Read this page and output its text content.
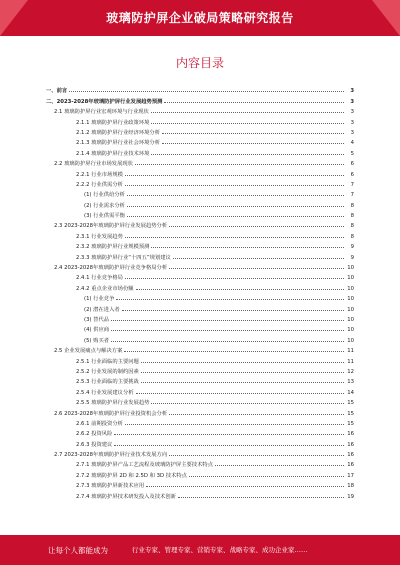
玻璃防护屏企业破局策略研究报告
内容目录
一、前言	3
二、2023-2028年玻璃防护屏行业发展趋势预测	3
2.1 玻璃防护屏行业宏观环境与行业现状	3
2.1.1 玻璃防护屏行业政策环境	3
2.1.2 玻璃防护屏行业经济环境分析	3
2.1.3 玻璃防护屏行业社会环境分析	4
2.1.4 玻璃防护屏行业技术环境	5
2.2 玻璃防护屏行业市场发展现状	6
2.2.1 行业市场规模	6
2.2.2 行业供需分析	7
(1) 行业供给分析	7
(2) 行业需求分析	8
(3) 行业供需平衡	8
2.3 2023-2028年玻璃防护屏行业发展趋势分析	8
2.3.1 行业发展趋势	8
2.3.2 玻璃防护屏行业规模预测	9
2.3.3 玻璃防护屏行业“十四五”规划建议	9
2.4 2023-2028年玻璃防护屏行业竞争格局分析	10
2.4.1 行业竞争格局	10
2.4.2 重点企业市场份额	10
(1) 行业竞争	10
(2) 潜在进入者	10
(3) 替代品	10
(4) 供应商	10
(5) 购买者	10
2.5 企业发展痛点与解决方案	11
2.5.1 行业面临的主要问题	11
2.5.2 行业发展的制约因素	12
2.5.3 行业面临的主要挑战	13
2.5.4 行业发展建议分析	14
2.5.5 玻璃防护屏行业发展趋势	15
2.6 2023-2028年玻璃防护屏行业投资机会分析	15
2.6.1 前期投资分析	15
2.6.2 投资风险	16
2.6.3 投资建议	16
2.7 2023-2028年玻璃防护屏行业技术发展方向	16
2.7.1 玻璃防护屏产品工艺流程及玻璃防护屏主要技术特点	16
2.7.2 玻璃防护屏 2D 和 2.5D 和 3D 技术特点	17
2.7.3 玻璃防护屏新技术应用	18
2.7.4 玻璃防护屏技术研发投入及技术创新	19
让每个人都能成为	行业专家、管理专家、营销专家、战略专家、成功企业家……
